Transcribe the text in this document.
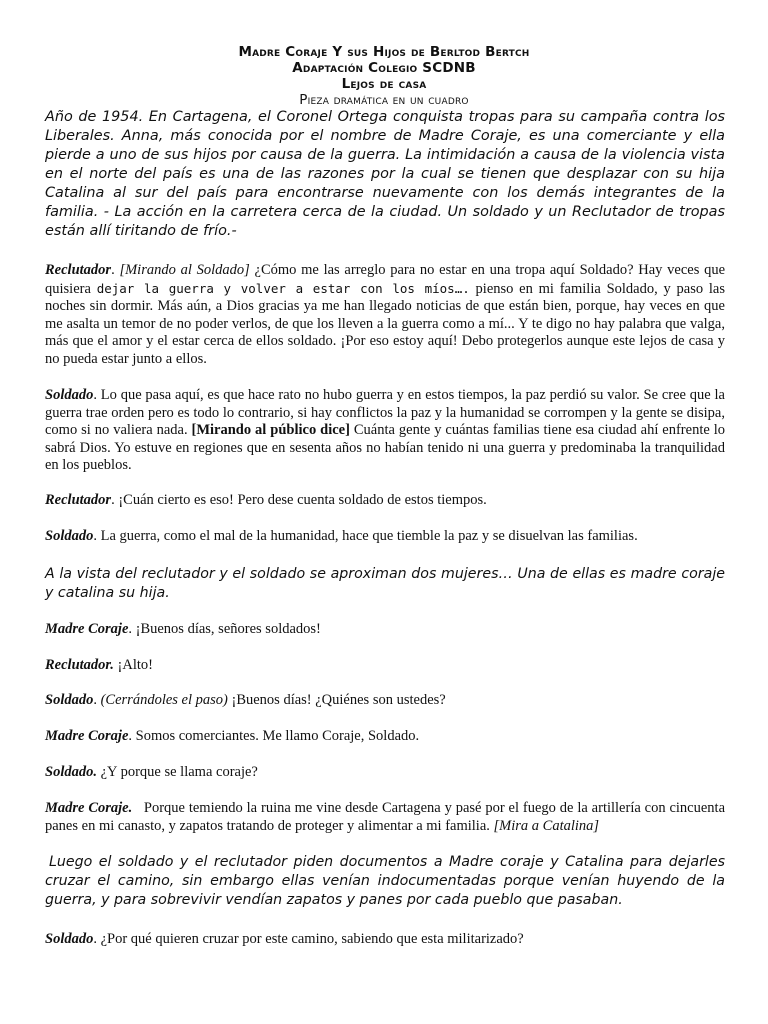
Madre Coraje Y sus Hijos de Berltod Bertch
Adaptación Colegio SCDNB
Lejos de casa
Pieza dramática en un cuadro
Año de 1954. En Cartagena, el Coronel Ortega conquista tropas para su campaña contra los Liberales. Anna, más conocida por el nombre de Madre Coraje, es una comerciante y ella pierde a uno de sus hijos por causa de la guerra. La intimidación a causa de la violencia vista en el norte del país es una de las razones por la cual se tienen que desplazar con su hija Catalina al sur del país para encontrarse nuevamente con los demás integrantes de la familia. - La acción en la carretera cerca de la ciudad. Un soldado y un Reclutador de tropas están allí tiritando de frío.-
Reclutador. [Mirando al Soldado] ¿Cómo me las arreglo para no estar en una tropa aquí Soldado? Hay veces que quisiera dejar la guerra y volver a estar con los míos…. pienso en mi familia Soldado, y paso las noches sin dormir. Más aún, a Dios gracias ya me han llegado noticias de que están bien, porque, hay veces en que me asalta un temor de no poder verlos, de que los lleven a la guerra como a mí... Y te digo no hay palabra que valga, más que el amor y el estar cerca de ellos soldado. ¡Por eso estoy aquí! Debo protegerlos aunque este lejos de casa y no pueda estar junto a ellos.
Soldado. Lo que pasa aquí, es que hace rato no hubo guerra y en estos tiempos, la paz perdió su valor. Se cree que la guerra trae orden pero es todo lo contrario, si hay conflictos la paz y la humanidad se corrompen y la gente se disipa, como si no valiera nada. [Mirando al público dice] Cuánta gente y cuántas familias tiene esa ciudad ahí enfrente lo sabrá Dios. Yo estuve en regiones que en sesenta años no habían tenido ni una guerra y predominaba la tranquilidad en los pueblos.
Reclutador. ¡Cuán cierto es eso! Pero dese cuenta soldado de estos tiempos.
Soldado. La guerra, como el mal de la humanidad, hace que tiemble la paz y se disuelvan las familias.
A la vista del reclutador y el soldado se aproximan dos mujeres… Una de ellas es madre coraje y catalina su hija.
Madre Coraje. ¡Buenos días, señores soldados!
Reclutador. ¡Alto!
Soldado. (Cerrándoles el paso) ¡Buenos días! ¿Quiénes son ustedes?
Madre Coraje. Somos comerciantes. Me llamo Coraje, Soldado.
Soldado. ¿Y porque se llama coraje?
Madre Coraje. Porque temiendo la ruina me vine desde Cartagena y pasé por el fuego de la artillería con cincuenta panes en mi canasto, y zapatos tratando de proteger y alimentar a mi familia. [Mira a Catalina]
Luego el soldado y el reclutador piden documentos a Madre coraje y Catalina para dejarles cruzar el camino, sin embargo ellas venían indocumentadas porque venían huyendo de la guerra, y para sobrevivir vendían zapatos y panes por cada pueblo que pasaban.
Soldado. ¿Por qué quieren cruzar por este camino, sabiendo que esta militarizado?
